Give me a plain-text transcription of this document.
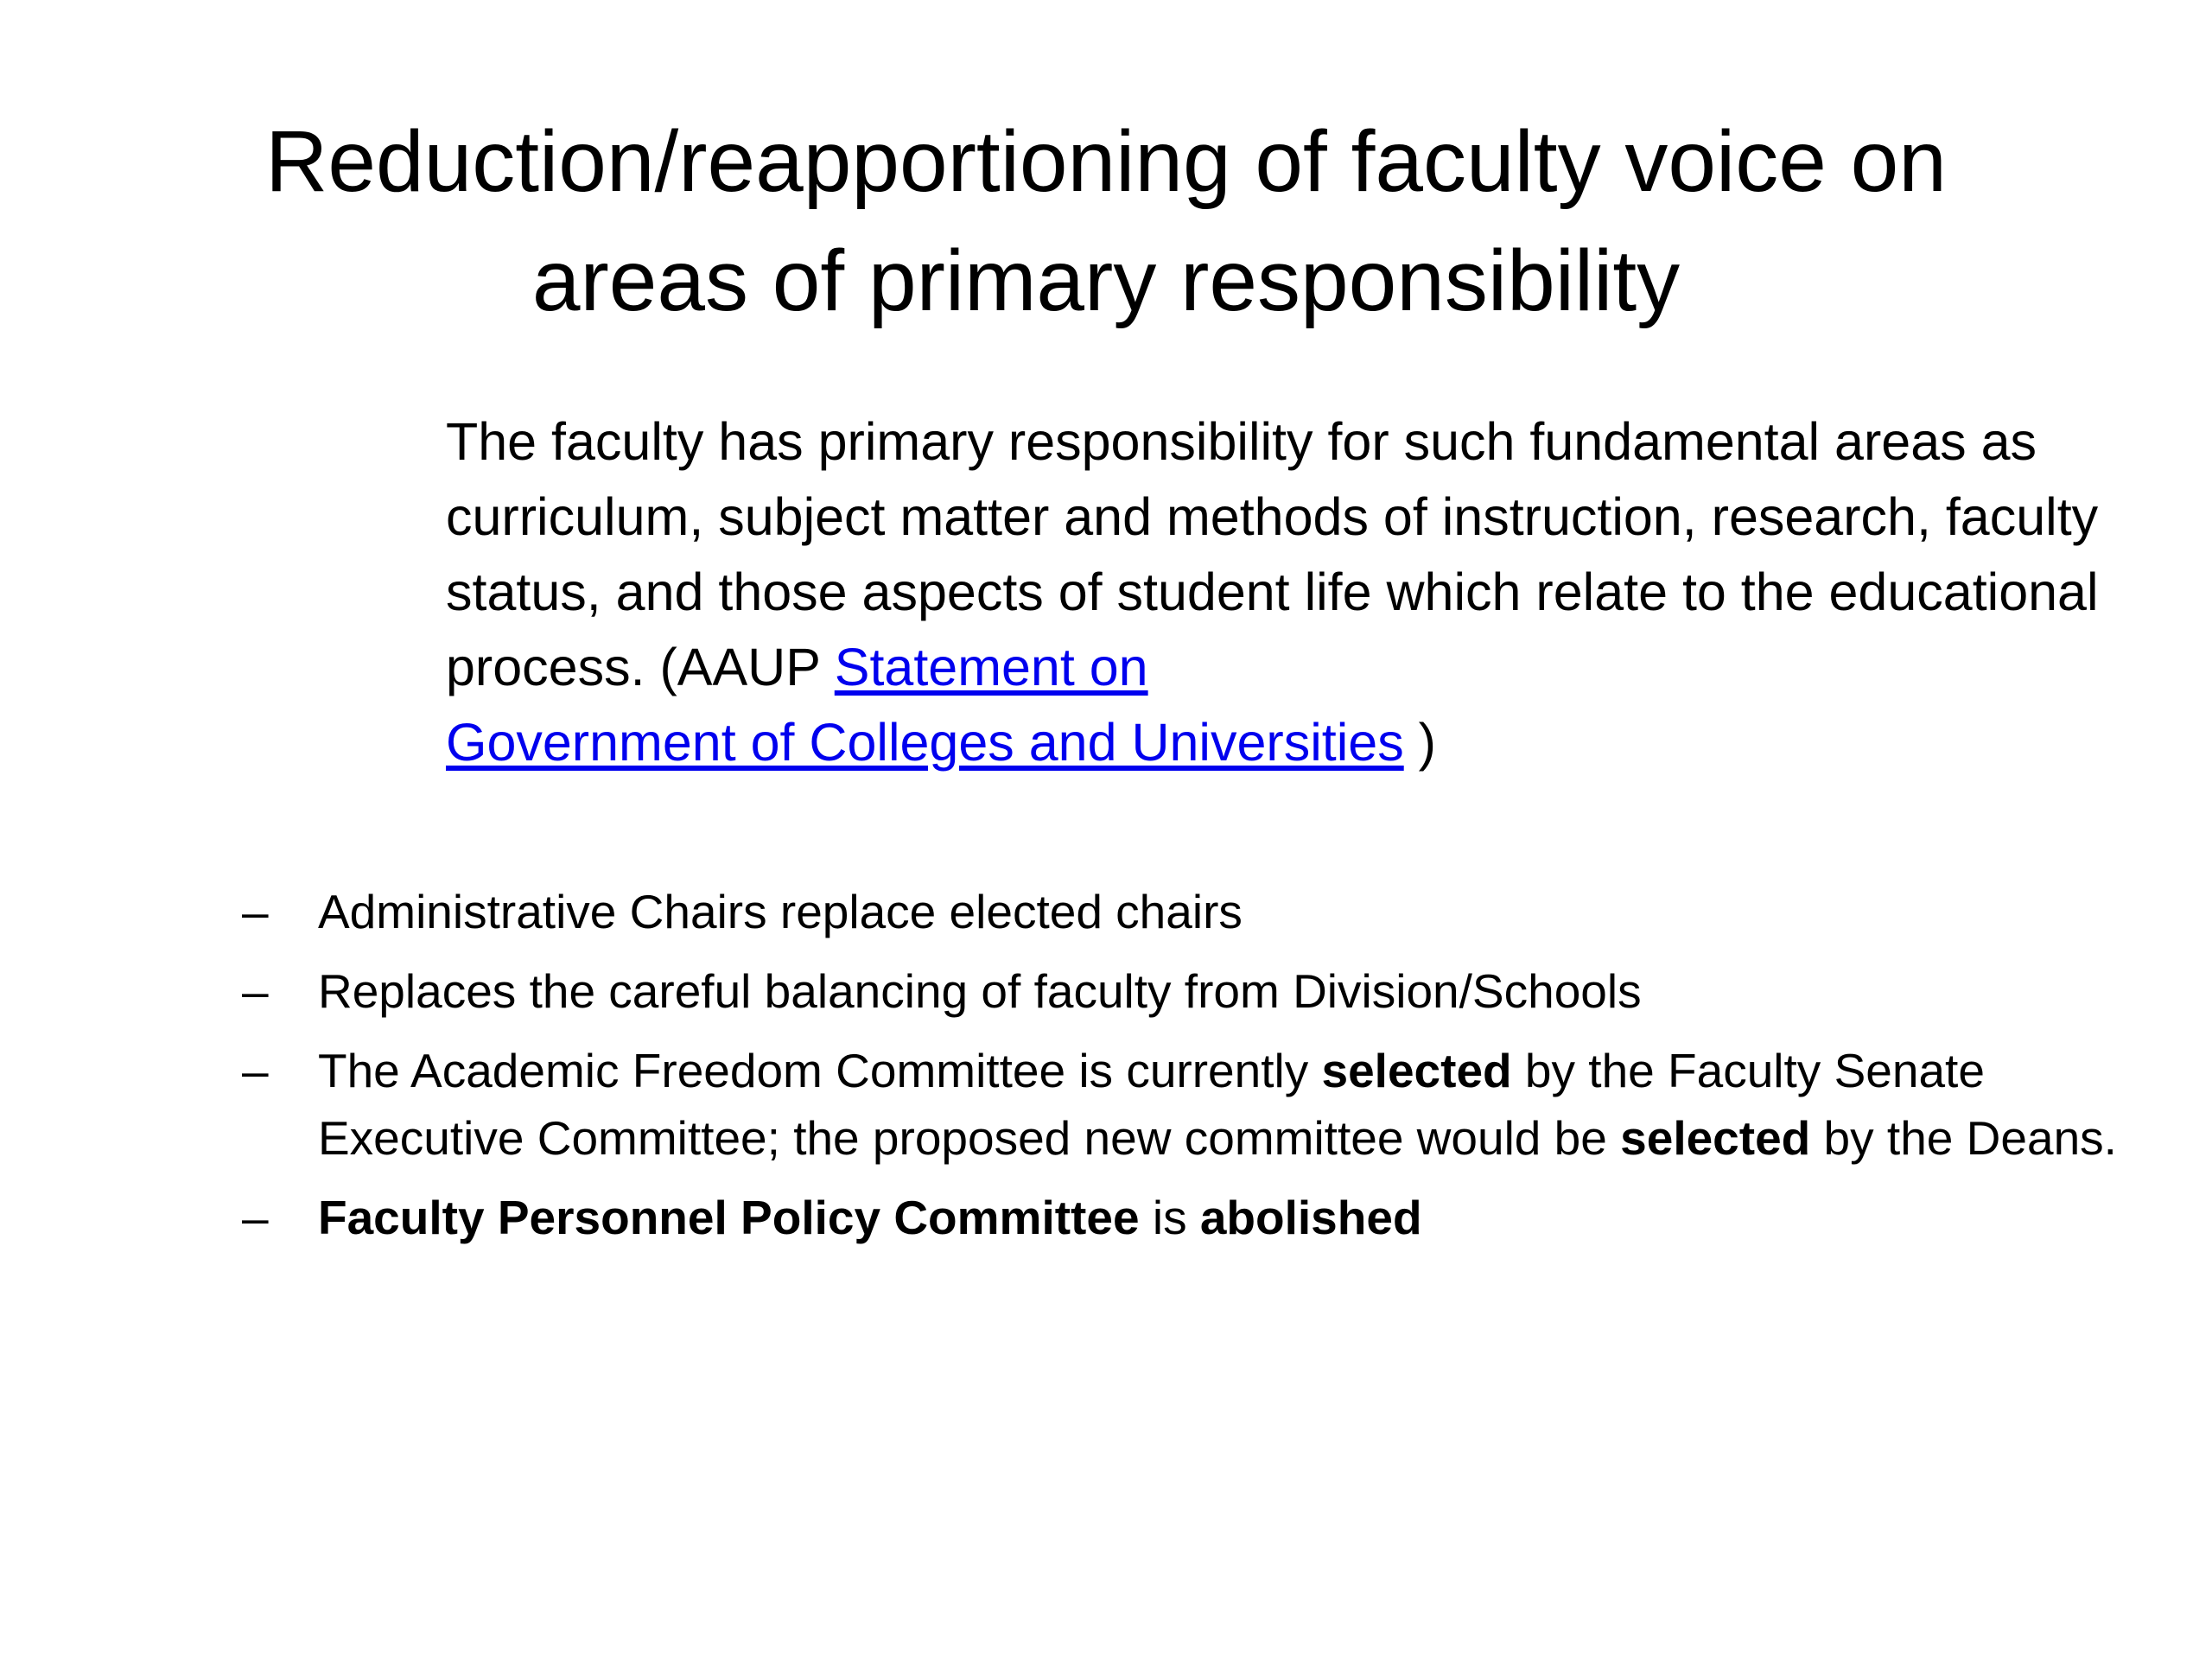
Reduction/reapportioning of faculty voice on
areas of primary responsibility

The faculty has primary responsibility for such fundamental areas as curriculum, subject matter and methods of instruction, research, faculty status, and those aspects of student life which relate to the educational process. (AAUP Statement on
Government of Colleges and Universities )

–	Administrative Chairs replace elected chairs
–	Replaces the careful balancing of faculty from Division/Schools
–	The Academic Freedom Committee is currently selected by the Faculty Senate Executive Committee; the proposed new committee would be selected by the Deans.
–	Faculty Personnel Policy Committee is abolished
